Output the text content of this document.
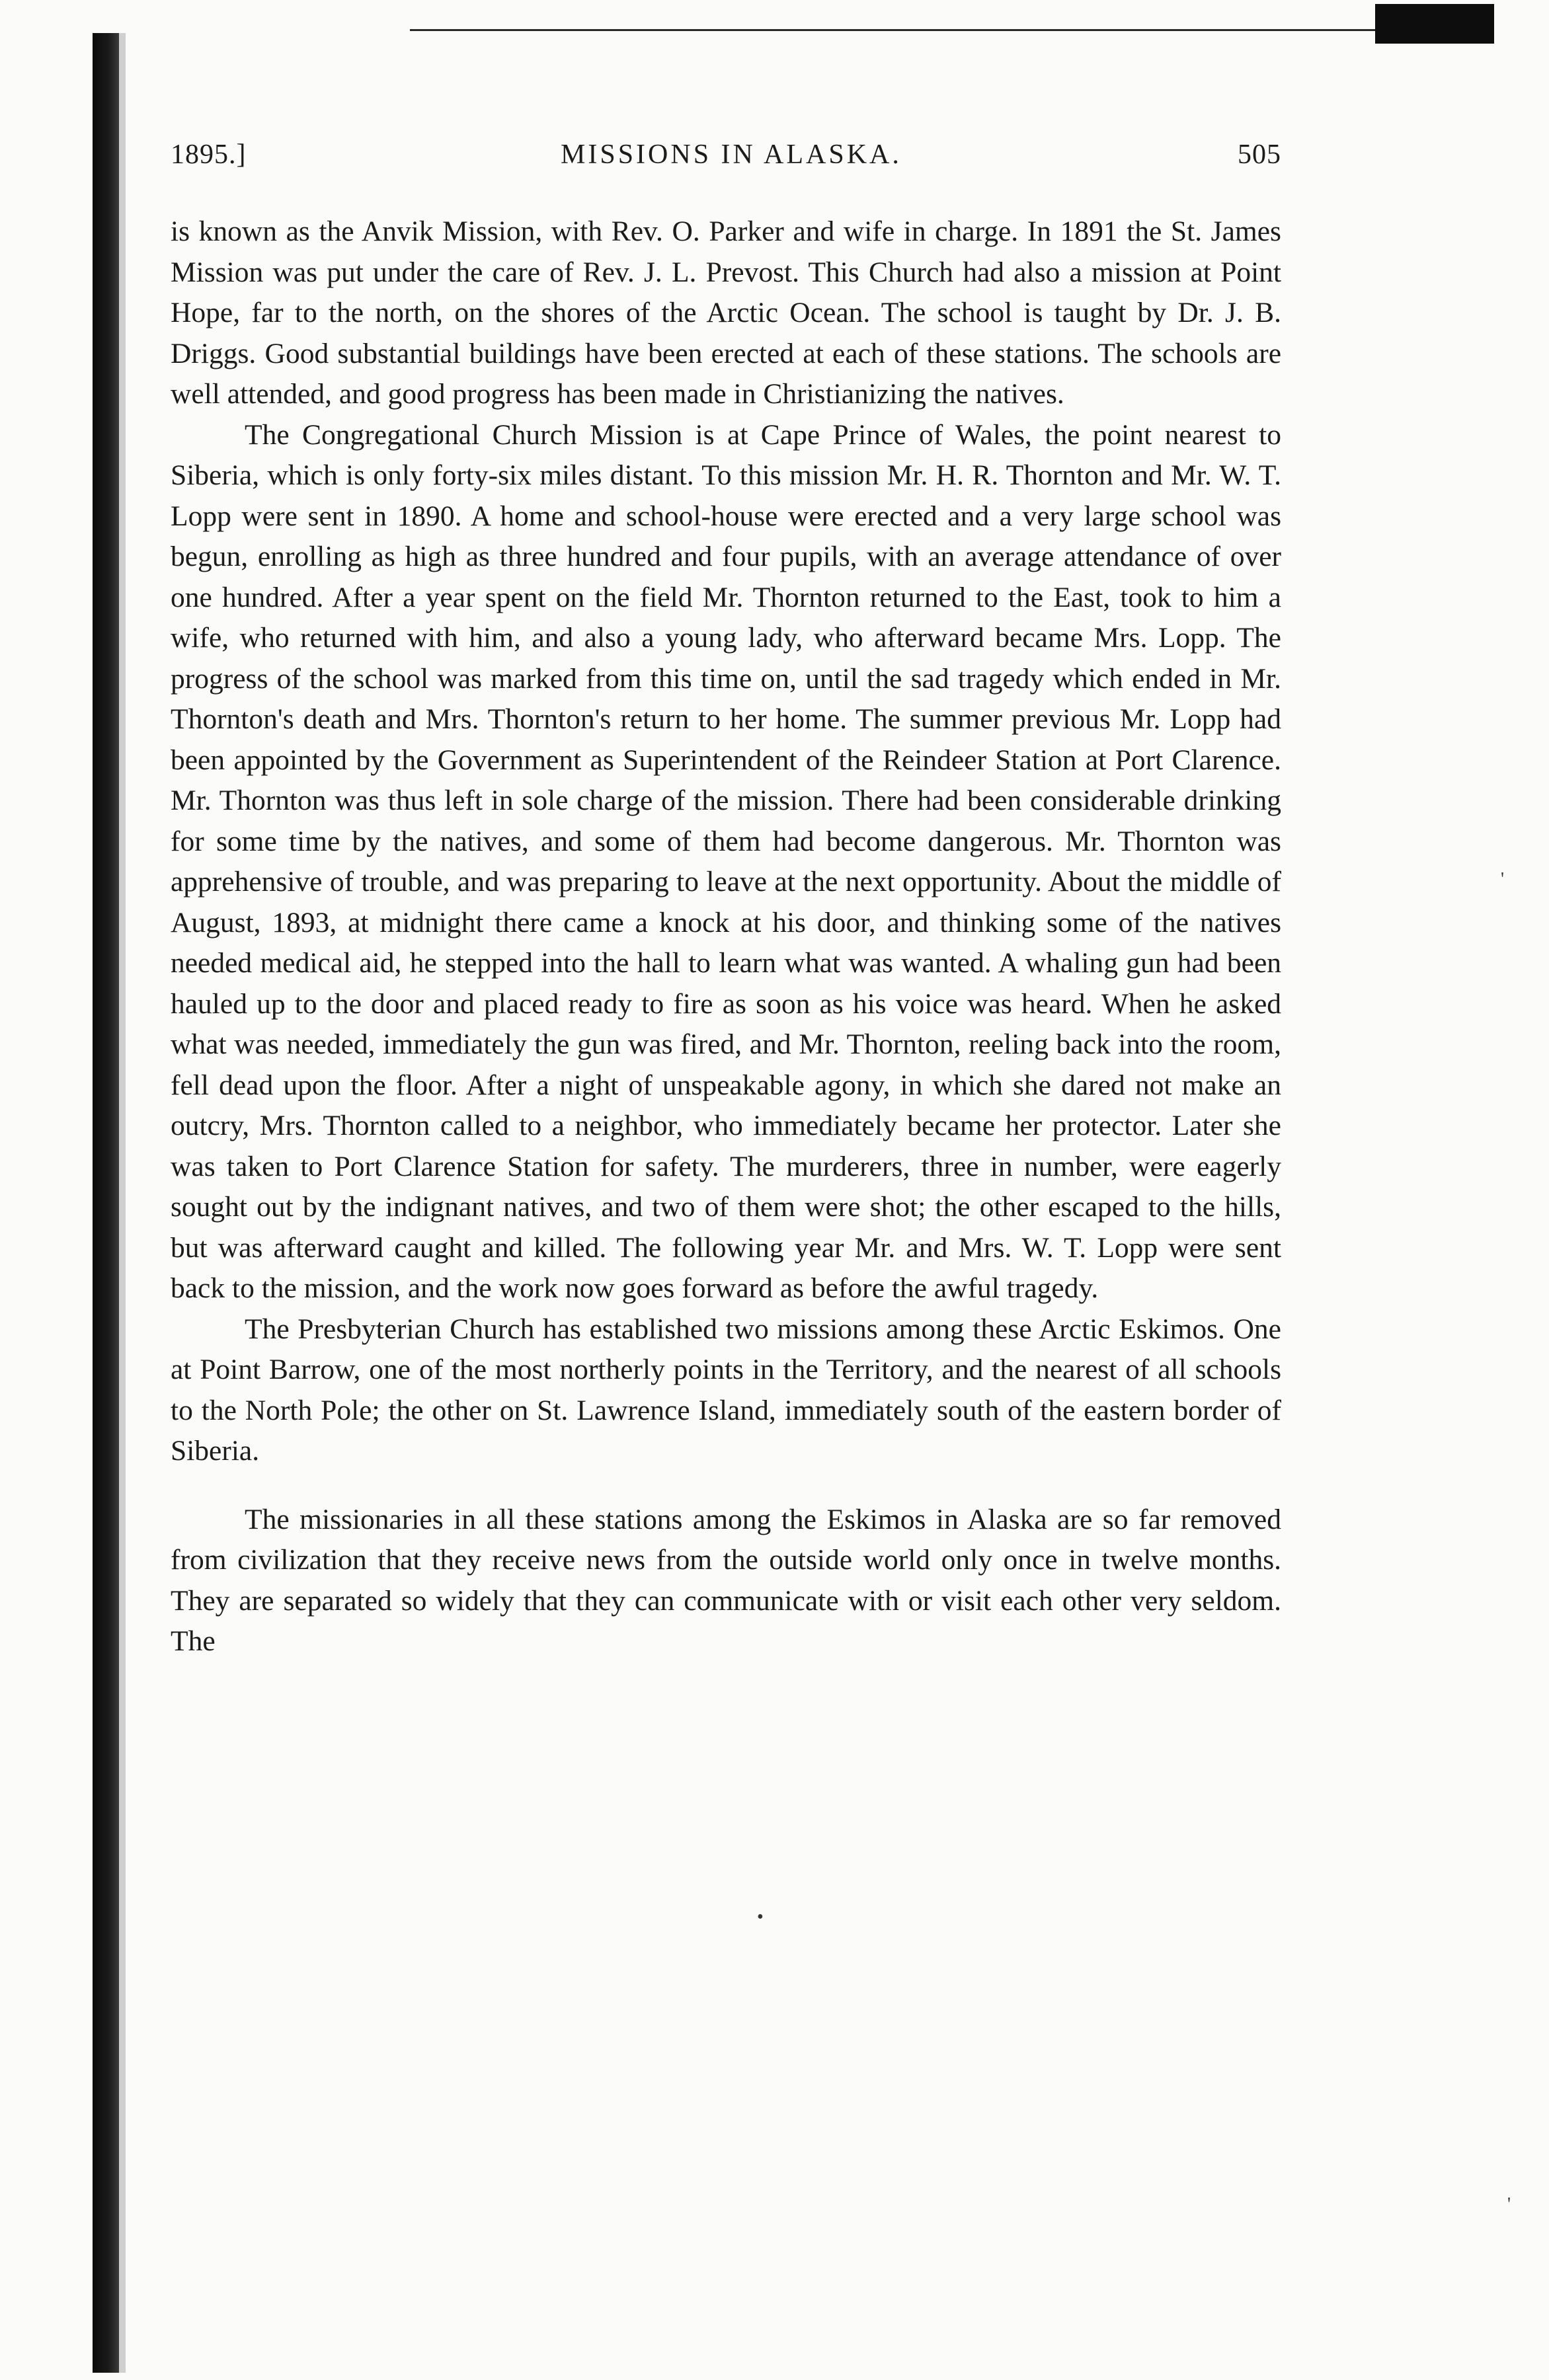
1895.]	MISSIONS IN ALASKA.	505

is known as the Anvik Mission, with Rev. O. Parker and wife in charge. In 1891 the St. James Mission was put under the care of Rev. J. L. Prevost. This Church had also a mission at Point Hope, far to the north, on the shores of the Arctic Ocean. The school is taught by Dr. J. B. Driggs. Good substantial buildings have been erected at each of these stations. The schools are well attended, and good progress has been made in Christianizing the natives.

The Congregational Church Mission is at Cape Prince of Wales, the point nearest to Siberia, which is only forty-six miles distant. To this mission Mr. H. R. Thornton and Mr. W. T. Lopp were sent in 1890. A home and school-house were erected and a very large school was begun, enrolling as high as three hundred and four pupils, with an average attendance of over one hundred. After a year spent on the field Mr. Thornton returned to the East, took to him a wife, who returned with him, and also a young lady, who afterward became Mrs. Lopp. The progress of the school was marked from this time on, until the sad tragedy which ended in Mr. Thornton's death and Mrs. Thornton's return to her home. The summer previous Mr. Lopp had been appointed by the Government as Superintendent of the Reindeer Station at Port Clarence. Mr. Thornton was thus left in sole charge of the mission. There had been considerable drinking for some time by the natives, and some of them had become dangerous. Mr. Thornton was apprehensive of trouble, and was preparing to leave at the next opportunity. About the middle of August, 1893, at midnight there came a knock at his door, and thinking some of the natives needed medical aid, he stepped into the hall to learn what was wanted. A whaling gun had been hauled up to the door and placed ready to fire as soon as his voice was heard. When he asked what was needed, immediately the gun was fired, and Mr. Thornton, reeling back into the room, fell dead upon the floor. After a night of unspeakable agony, in which she dared not make an outcry, Mrs. Thornton called to a neighbor, who immediately became her protector. Later she was taken to Port Clarence Station for safety. The murderers, three in number, were eagerly sought out by the indignant natives, and two of them were shot; the other escaped to the hills, but was afterward caught and killed. The following year Mr. and Mrs. W. T. Lopp were sent back to the mission, and the work now goes forward as before the awful tragedy.

The Presbyterian Church has established two missions among these Arctic Eskimos. One at Point Barrow, one of the most northerly points in the Territory, and the nearest of all schools to the North Pole; the other on St. Lawrence Island, immediately south of the eastern border of Siberia.

The missionaries in all these stations among the Eskimos in Alaska are so far removed from civilization that they receive news from the outside world only once in twelve months. They are separated so widely that they can communicate with or visit each other very seldom. The

'
•
'
